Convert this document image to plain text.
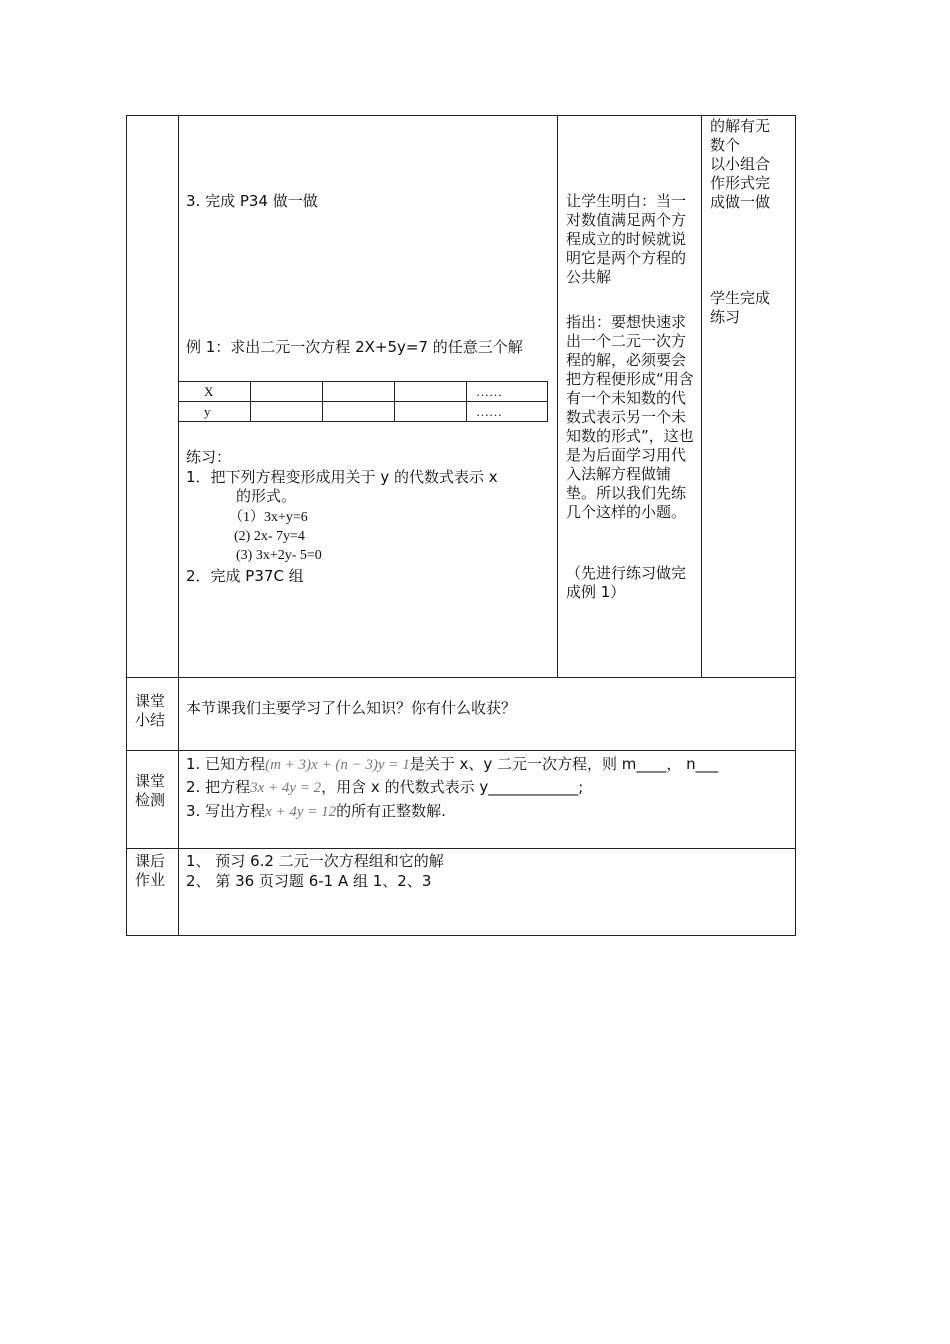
3. 完成 P34 做一做
例 1：求出二元一次方程 2X+5y=7 的任意三个解
X
y
……
……
练习：
1．把下列方程变形成用关于 y 的代数式表示 x
的形式。
（1）3x+y=6
(2) 2x- 7y=4
(3) 3x+2y- 5=0
2．完成 P37C 组
让学生明白：当一对数值满足两个方程成立的时候就说明它是两个方程的公共解
指出：要想快速求出一个二元一次方程的解，必须要会把方程便形成“用含有一个未知数的代数式表示另一个未知数的形式”，这也是为后面学习用代入法解方程做铺垫。所以我们先练几个这样的小题。
（先进行练习做完成例 1）
的解有无
数个
以小组合作形式完成做一做
学生完成练习
课堂
小结
本节课我们主要学习了什么知识？你有什么收获？
课堂
检测
1. 已知方程(m + 3)x + (n − 3)y = 1是关于 x、y 二元一次方程，则 m____， n___
2. 把方程3x + 4y = 2，用含 x 的代数式表示 y____________;
3. 写出方程x + 4y = 12的所有正整数解.
课后
作业
1、 预习 6.2 二元一次方程组和它的解
2、 第 36 页习题 6-1 A 组 1、2、3
